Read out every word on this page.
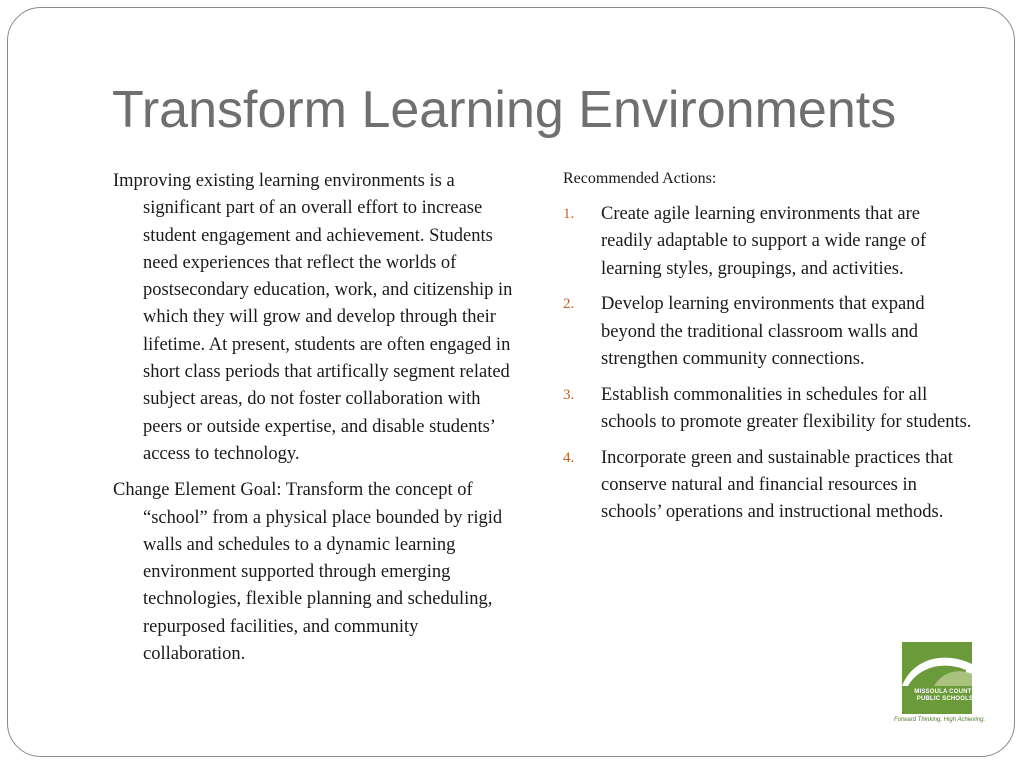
Transform Learning Environments

Improving existing learning environments is a significant part of an overall effort to increase student engagement and achievement. Students need experiences that reflect the worlds of postsecondary education, work, and citizenship in which they will grow and develop through their lifetime. At present, students are often engaged in short class periods that artifically segment related subject areas, do not foster collaboration with peers or outside expertise, and disable students’ access to technology.

Change Element Goal: Transform the concept of “school” from a physical place bounded by rigid walls and schedules to a dynamic learning environment supported through emerging technologies, flexible planning and scheduling, repurposed facilities, and community collaboration.

Recommended Actions:
1. Create agile learning environments that are readily adaptable to support a wide range of learning styles, groupings, and activities.
2. Develop learning environments that expand beyond the traditional classroom walls and strengthen community connections.
3. Establish commonalities in schedules for all schools to promote greater flexibility for students.
4. Incorporate green and sustainable practices that conserve natural and financial resources in schools’ operations and instructional methods.
MISSOULA COUNTY
PUBLIC SCHOOLS
Forward Thinking, High Achieving.
